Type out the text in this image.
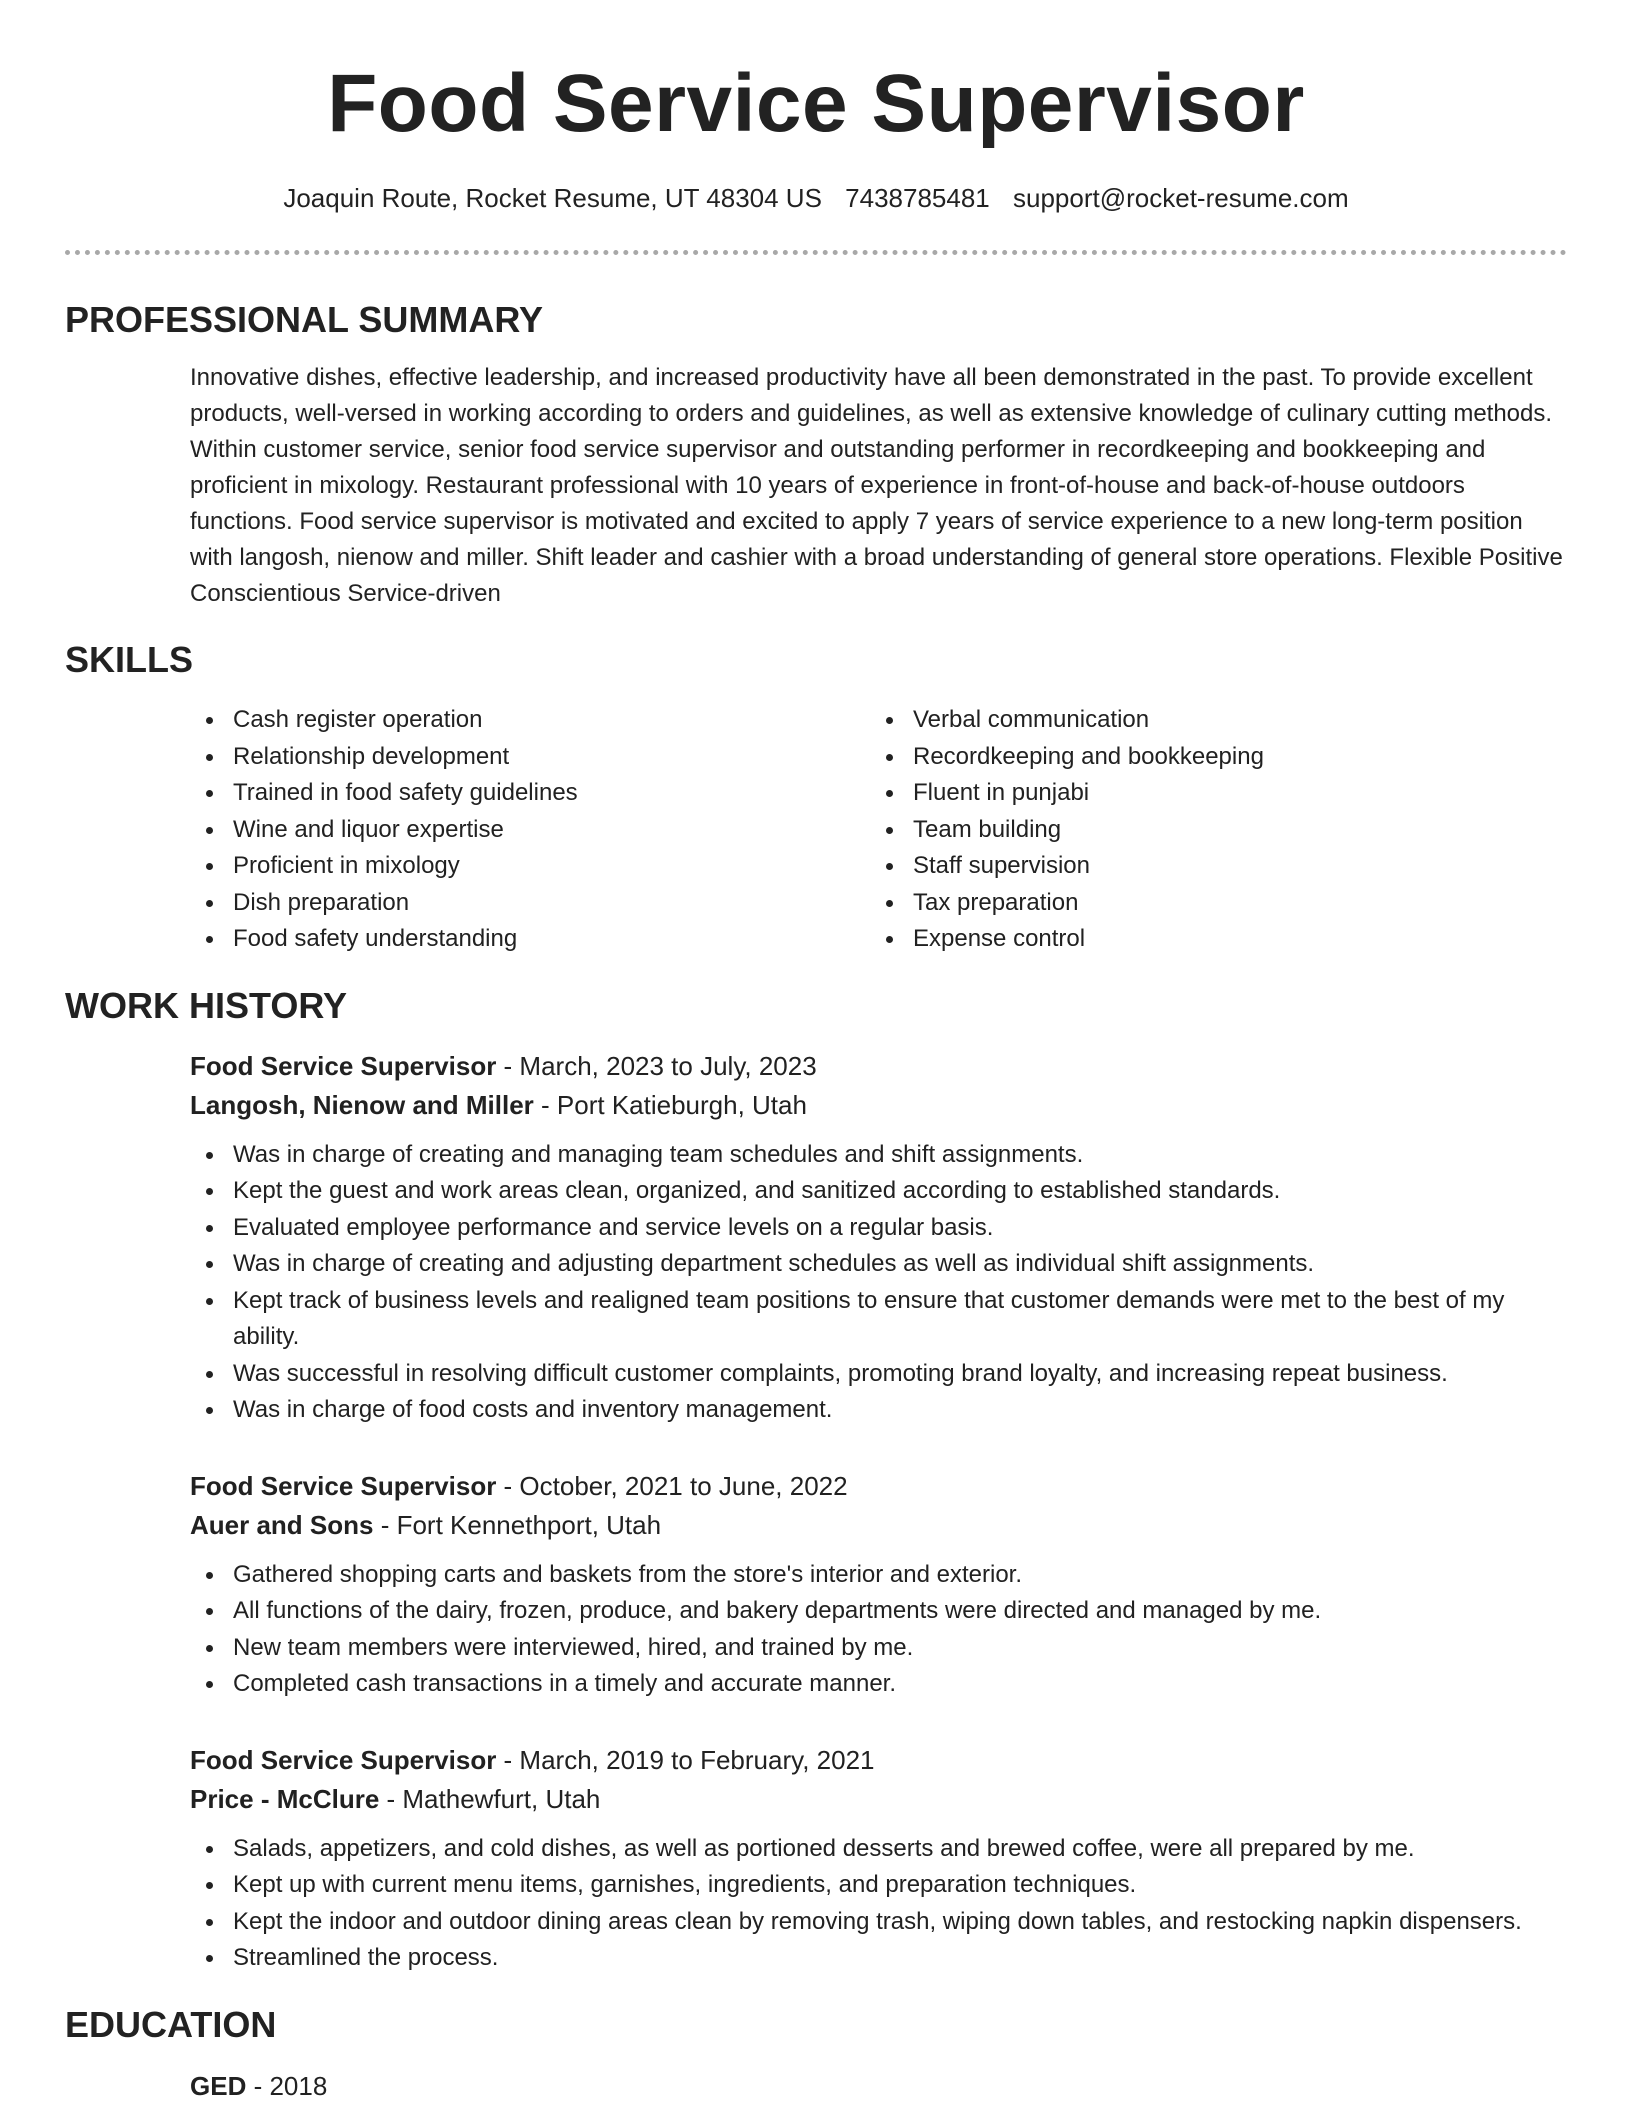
Food Service Supervisor
Joaquin Route, Rocket Resume, UT 48304 US 7438785481 support@rocket-resume.com
PROFESSIONAL SUMMARY

Innovative dishes, effective leadership, and increased productivity have all been demonstrated in the past. To provide excellent products, well-versed in working according to orders and guidelines, as well as extensive knowledge of culinary cutting methods. Within customer service, senior food service supervisor and outstanding performer in recordkeeping and bookkeeping and proficient in mixology. Restaurant professional with 10 years of experience in front-of-house and back-of-house outdoors functions. Food service supervisor is motivated and excited to apply 7 years of service experience to a new long-term position with langosh, nienow and miller. Shift leader and cashier with a broad understanding of general store operations. Flexible Positive Conscientious Service-driven

SKILLS
Cash register operation
Relationship development
Trained in food safety guidelines
Wine and liquor expertise
Proficient in mixology
Dish preparation
Food safety understanding
Verbal communication
Recordkeeping and bookkeeping
Fluent in punjabi
Team building
Staff supervision
Tax preparation
Expense control
WORK HISTORY
Food Service Supervisor - March, 2023 to July, 2023
Langosh, Nienow and Miller - Port Katieburgh, Utah
Was in charge of creating and managing team schedules and shift assignments.
Kept the guest and work areas clean, organized, and sanitized according to established standards.
Evaluated employee performance and service levels on a regular basis.
Was in charge of creating and adjusting department schedules as well as individual shift assignments.
Kept track of business levels and realigned team positions to ensure that customer demands were met to the best of my ability.
Was successful in resolving difficult customer complaints, promoting brand loyalty, and increasing repeat business.
Was in charge of food costs and inventory management.
Food Service Supervisor - October, 2021 to June, 2022
Auer and Sons - Fort Kennethport, Utah
Gathered shopping carts and baskets from the store's interior and exterior.
All functions of the dairy, frozen, produce, and bakery departments were directed and managed by me.
New team members were interviewed, hired, and trained by me.
Completed cash transactions in a timely and accurate manner.
Food Service Supervisor - March, 2019 to February, 2021
Price - McClure - Mathewfurt, Utah
Salads, appetizers, and cold dishes, as well as portioned desserts and brewed coffee, were all prepared by me.
Kept up with current menu items, garnishes, ingredients, and preparation techniques.
Kept the indoor and outdoor dining areas clean by removing trash, wiping down tables, and restocking napkin dispensers.
Streamlined the process.
EDUCATION
GED - 2018
